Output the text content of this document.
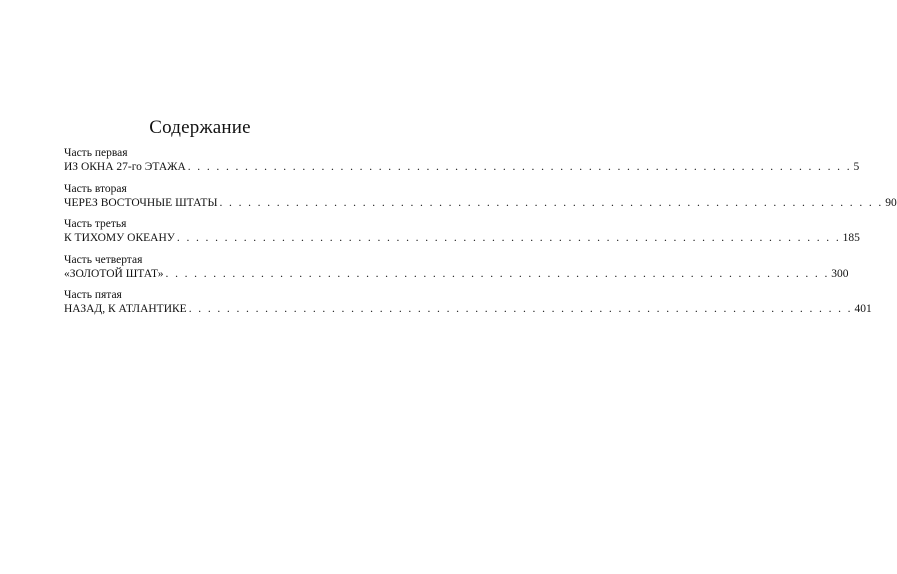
Содержание
Часть первая
ИЗ ОКНА 27-го ЭТАЖА . . . . . . . . . . . . . . . . . . . . . . . . . . . . . . . . . . . . . . . . . . . . . . . . . . . . . . . . . . . . . . . . . . . . . . 5
Часть вторая
ЧЕРЕЗ ВОСТОЧНЫЕ ШТАТЫ . . . . . . . . . . . . . . . . . . . . . . . . . . . . . . . . . . . . . . . . . . . . . . . . . . . . . . . . . . . . . . . . . . . . . . 90
Часть третья
К ТИХОМУ ОКЕАНУ . . . . . . . . . . . . . . . . . . . . . . . . . . . . . . . . . . . . . . . . . . . . . . . . . . . . . . . . . . . . . . . . . . . . . . 185
Часть четвертая
«ЗОЛОТОЙ ШТАТ» . . . . . . . . . . . . . . . . . . . . . . . . . . . . . . . . . . . . . . . . . . . . . . . . . . . . . . . . . . . . . . . . . . . . . . 300
Часть пятая
НАЗАД, К АТЛАНТИКЕ . . . . . . . . . . . . . . . . . . . . . . . . . . . . . . . . . . . . . . . . . . . . . . . . . . . . . . . . . . . . . . . . . . . . . . 401
